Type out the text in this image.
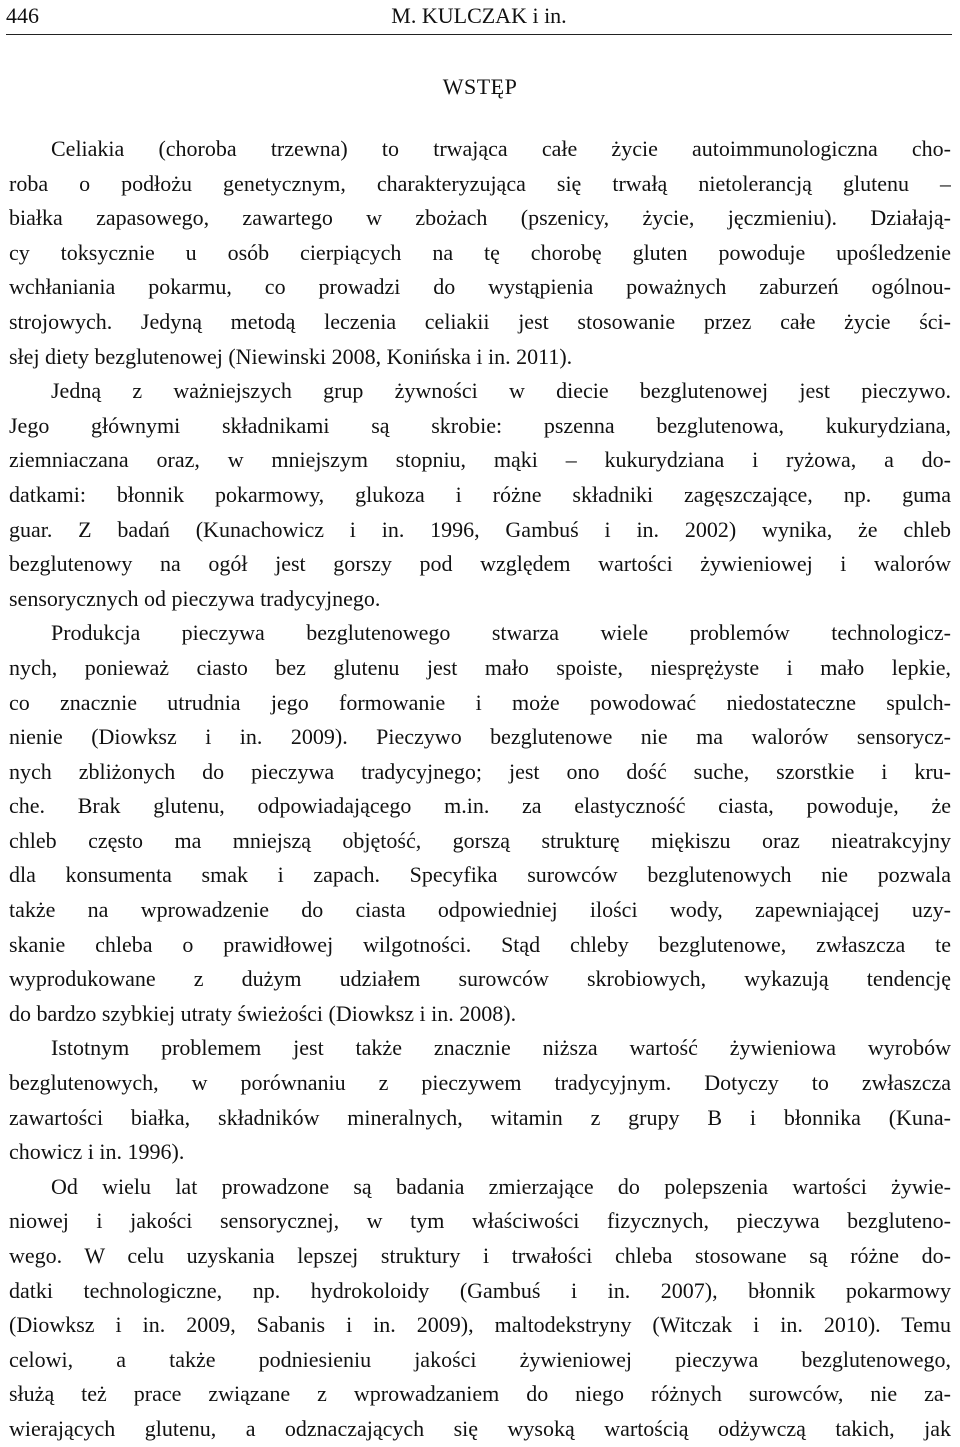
446	M. KULCZAK i in.
WSTĘP
Celiakia (choroba trzewna) to trwająca całe życie autoimmunologiczna cho-
roba o podłożu genetycznym, charakteryzująca się trwałą nietolerancją glutenu –
białka zapasowego, zawartego w zbożach (pszenicy, życie, jęczmieniu). Działają-
cy toksycznie u osób cierpiących na tę chorobę gluten powoduje upośledzenie
wchłaniania pokarmu, co prowadzi do wystąpienia poważnych zaburzeń ogólnou-
strojowych. Jedyną metodą leczenia celiakii jest stosowanie przez całe życie ści-
słej diety bezglutenowej (Niewinski 2008, Konińska i in. 2011).
Jedną z ważniejszych grup żywności w diecie bezglutenowej jest pieczywo.
Jego głównymi składnikami są skrobie: pszenna bezglutenowa, kukurydziana,
ziemniaczana oraz, w mniejszym stopniu, mąki – kukurydziana i ryżowa, a do-
datkami: błonnik pokarmowy, glukoza i różne składniki zagęszczające, np. guma
guar. Z badań (Kunachowicz i in. 1996, Gambuś i in. 2002) wynika, że chleb
bezglutenowy na ogół jest gorszy pod względem wartości żywieniowej i walorów
sensorycznych od pieczywa tradycyjnego.
Produkcja pieczywa bezglutenowego stwarza wiele problemów technologicz-
nych, ponieważ ciasto bez glutenu jest mało spoiste, niesprężyste i mało lepkie,
co znacznie utrudnia jego formowanie i może powodować niedostateczne spulch-
nienie (Diowksz i in. 2009). Pieczywo bezglutenowe nie ma walorów sensorycz-
nych zbliżonych do pieczywa tradycyjnego; jest ono dość suche, szorstkie i kru-
che. Brak glutenu, odpowiadającego m.in. za elastyczność ciasta, powoduje, że
chleb często ma mniejszą objętość, gorszą strukturę miękiszu oraz nieatrakcyjny
dla konsumenta smak i zapach. Specyfika surowców bezglutenowych nie pozwala
także na wprowadzenie do ciasta odpowiedniej ilości wody, zapewniającej uzy-
skanie chleba o prawidłowej wilgotności. Stąd chleby bezglutenowe, zwłaszcza te
wyprodukowane z dużym udziałem surowców skrobiowych, wykazują tendencję
do bardzo szybkiej utraty świeżości (Diowksz i in. 2008).
Istotnym problemem jest także znacznie niższa wartość żywieniowa wyrobów
bezglutenowych, w porównaniu z pieczywem tradycyjnym. Dotyczy to zwłaszcza
zawartości białka, składników mineralnych, witamin z grupy B i błonnika (Kuna-
chowicz i in. 1996).
Od wielu lat prowadzone są badania zmierzające do polepszenia wartości żywie-
niowej i jakości sensorycznej, w tym właściwości fizycznych, pieczywa bezgluteno-
wego. W celu uzyskania lepszej struktury i trwałości chleba stosowane są różne do-
datki technologiczne, np. hydrokoloidy (Gambuś i in. 2007), błonnik pokarmowy
(Diowksz i in. 2009, Sabanis i in. 2009), maltodekstryny (Witczak i in. 2010). Temu
celowi, a także podniesieniu jakości żywieniowej pieczywa bezglutenowego,
służą też prace związane z wprowadzaniem do niego różnych surowców, nie za-
wierających glutenu, a odznaczających się wysoką wartością odżywczą takich, jak
